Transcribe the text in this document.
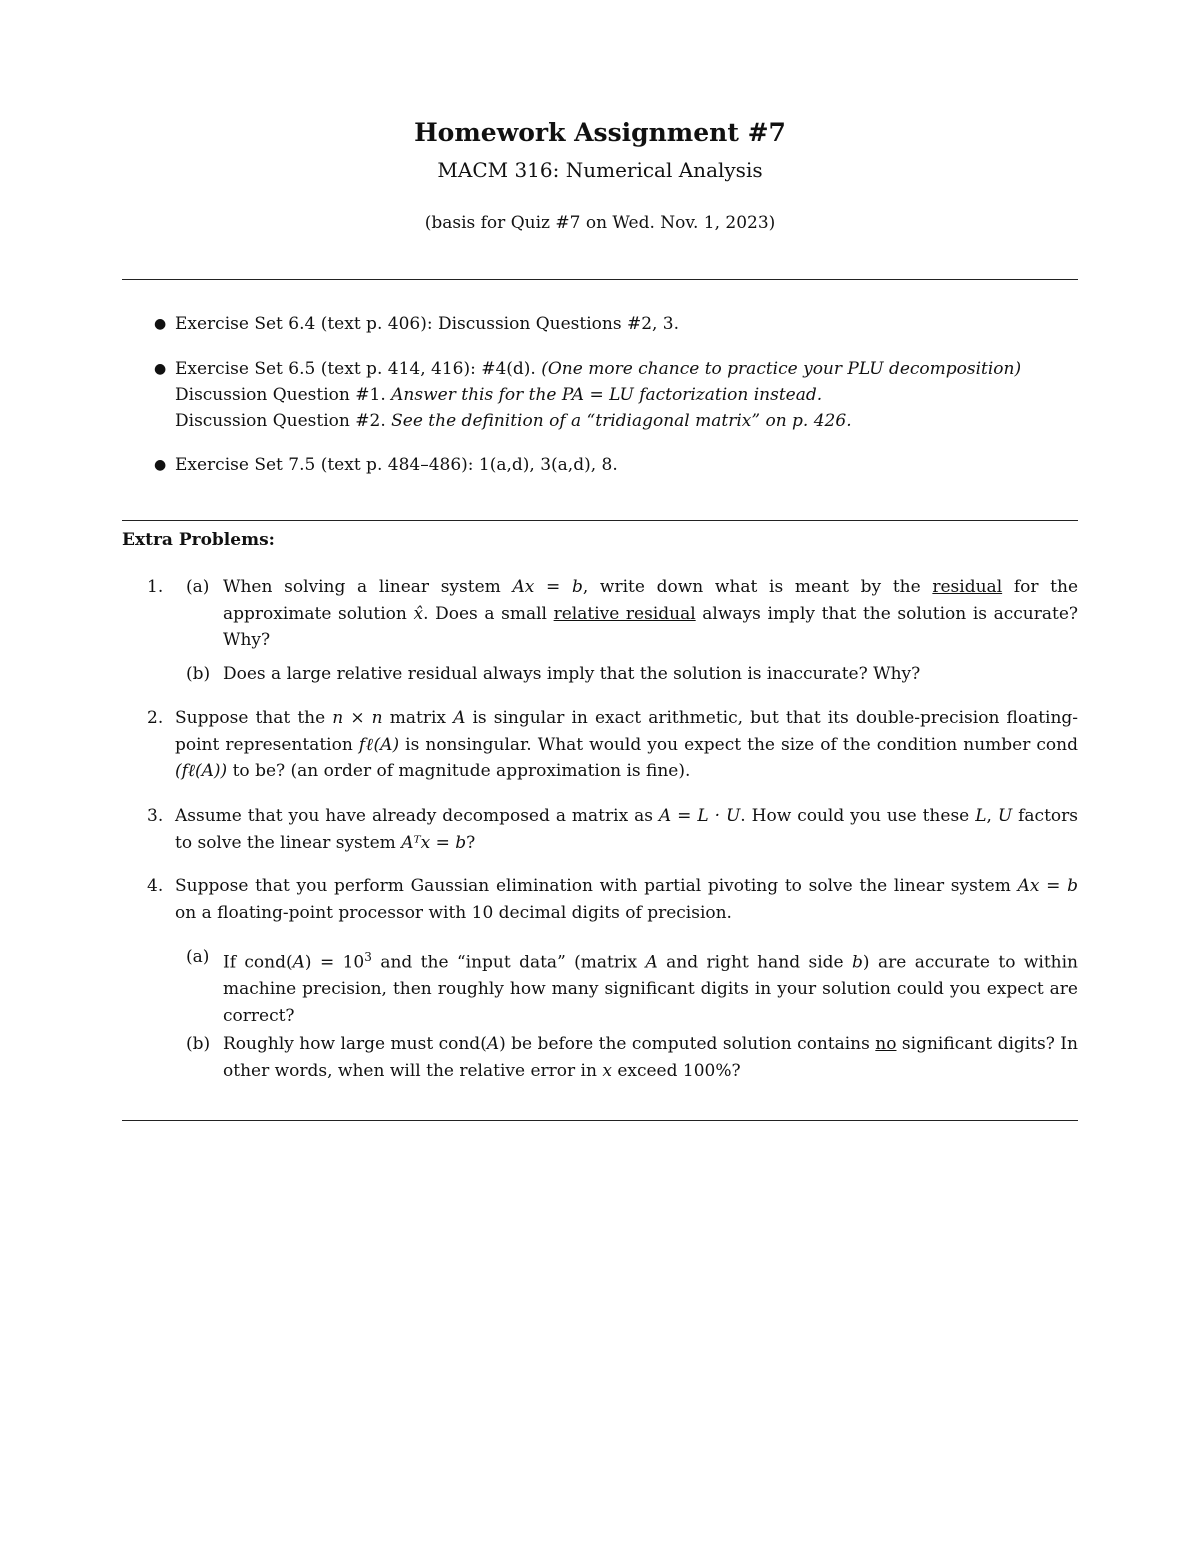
Homework Assignment #7
MACM 316: Numerical Analysis
(basis for Quiz #7 on Wed. Nov. 1, 2023)
● Exercise Set 6.4 (text p. 406): Discussion Questions #2, 3.
● Exercise Set 6.5 (text p. 414, 416): #4(d). (One more chance to practice your PLU decomposition)
Discussion Question #1. Answer this for the PA = LU factorization instead.
Discussion Question #2. See the definition of a “tridiagonal matrix” on p. 426.
● Exercise Set 7.5 (text p. 484–486): 1(a,d), 3(a,d), 8.
Extra Problems:
1. (a) When solving a linear system Ax = b, write down what is meant by the residual for the approximate solution x̂. Does a small relative residual always imply that the solution is accurate? Why?
(b) Does a large relative residual always imply that the solution is inaccurate? Why?
2. Suppose that the n × n matrix A is singular in exact arithmetic, but that its double-precision floating-point representation fℓ(A) is nonsingular. What would you expect the size of the condition number cond (fℓ(A)) to be? (an order of magnitude approximation is fine).
3. Assume that you have already decomposed a matrix as A = L · U. How could you use these L, U factors to solve the linear system Aᵀx = b?
4. Suppose that you perform Gaussian elimination with partial pivoting to solve the linear system Ax = b on a floating-point processor with 10 decimal digits of precision.
(a) If cond(A) = $10^3$ and the “input data” (matrix A and right hand side b) are accurate to within machine precision, then roughly how many significant digits in your solution could you expect are correct?
(b) Roughly how large must cond(A) be before the computed solution contains no significant digits? In other words, when will the relative error in x exceed 100%?
